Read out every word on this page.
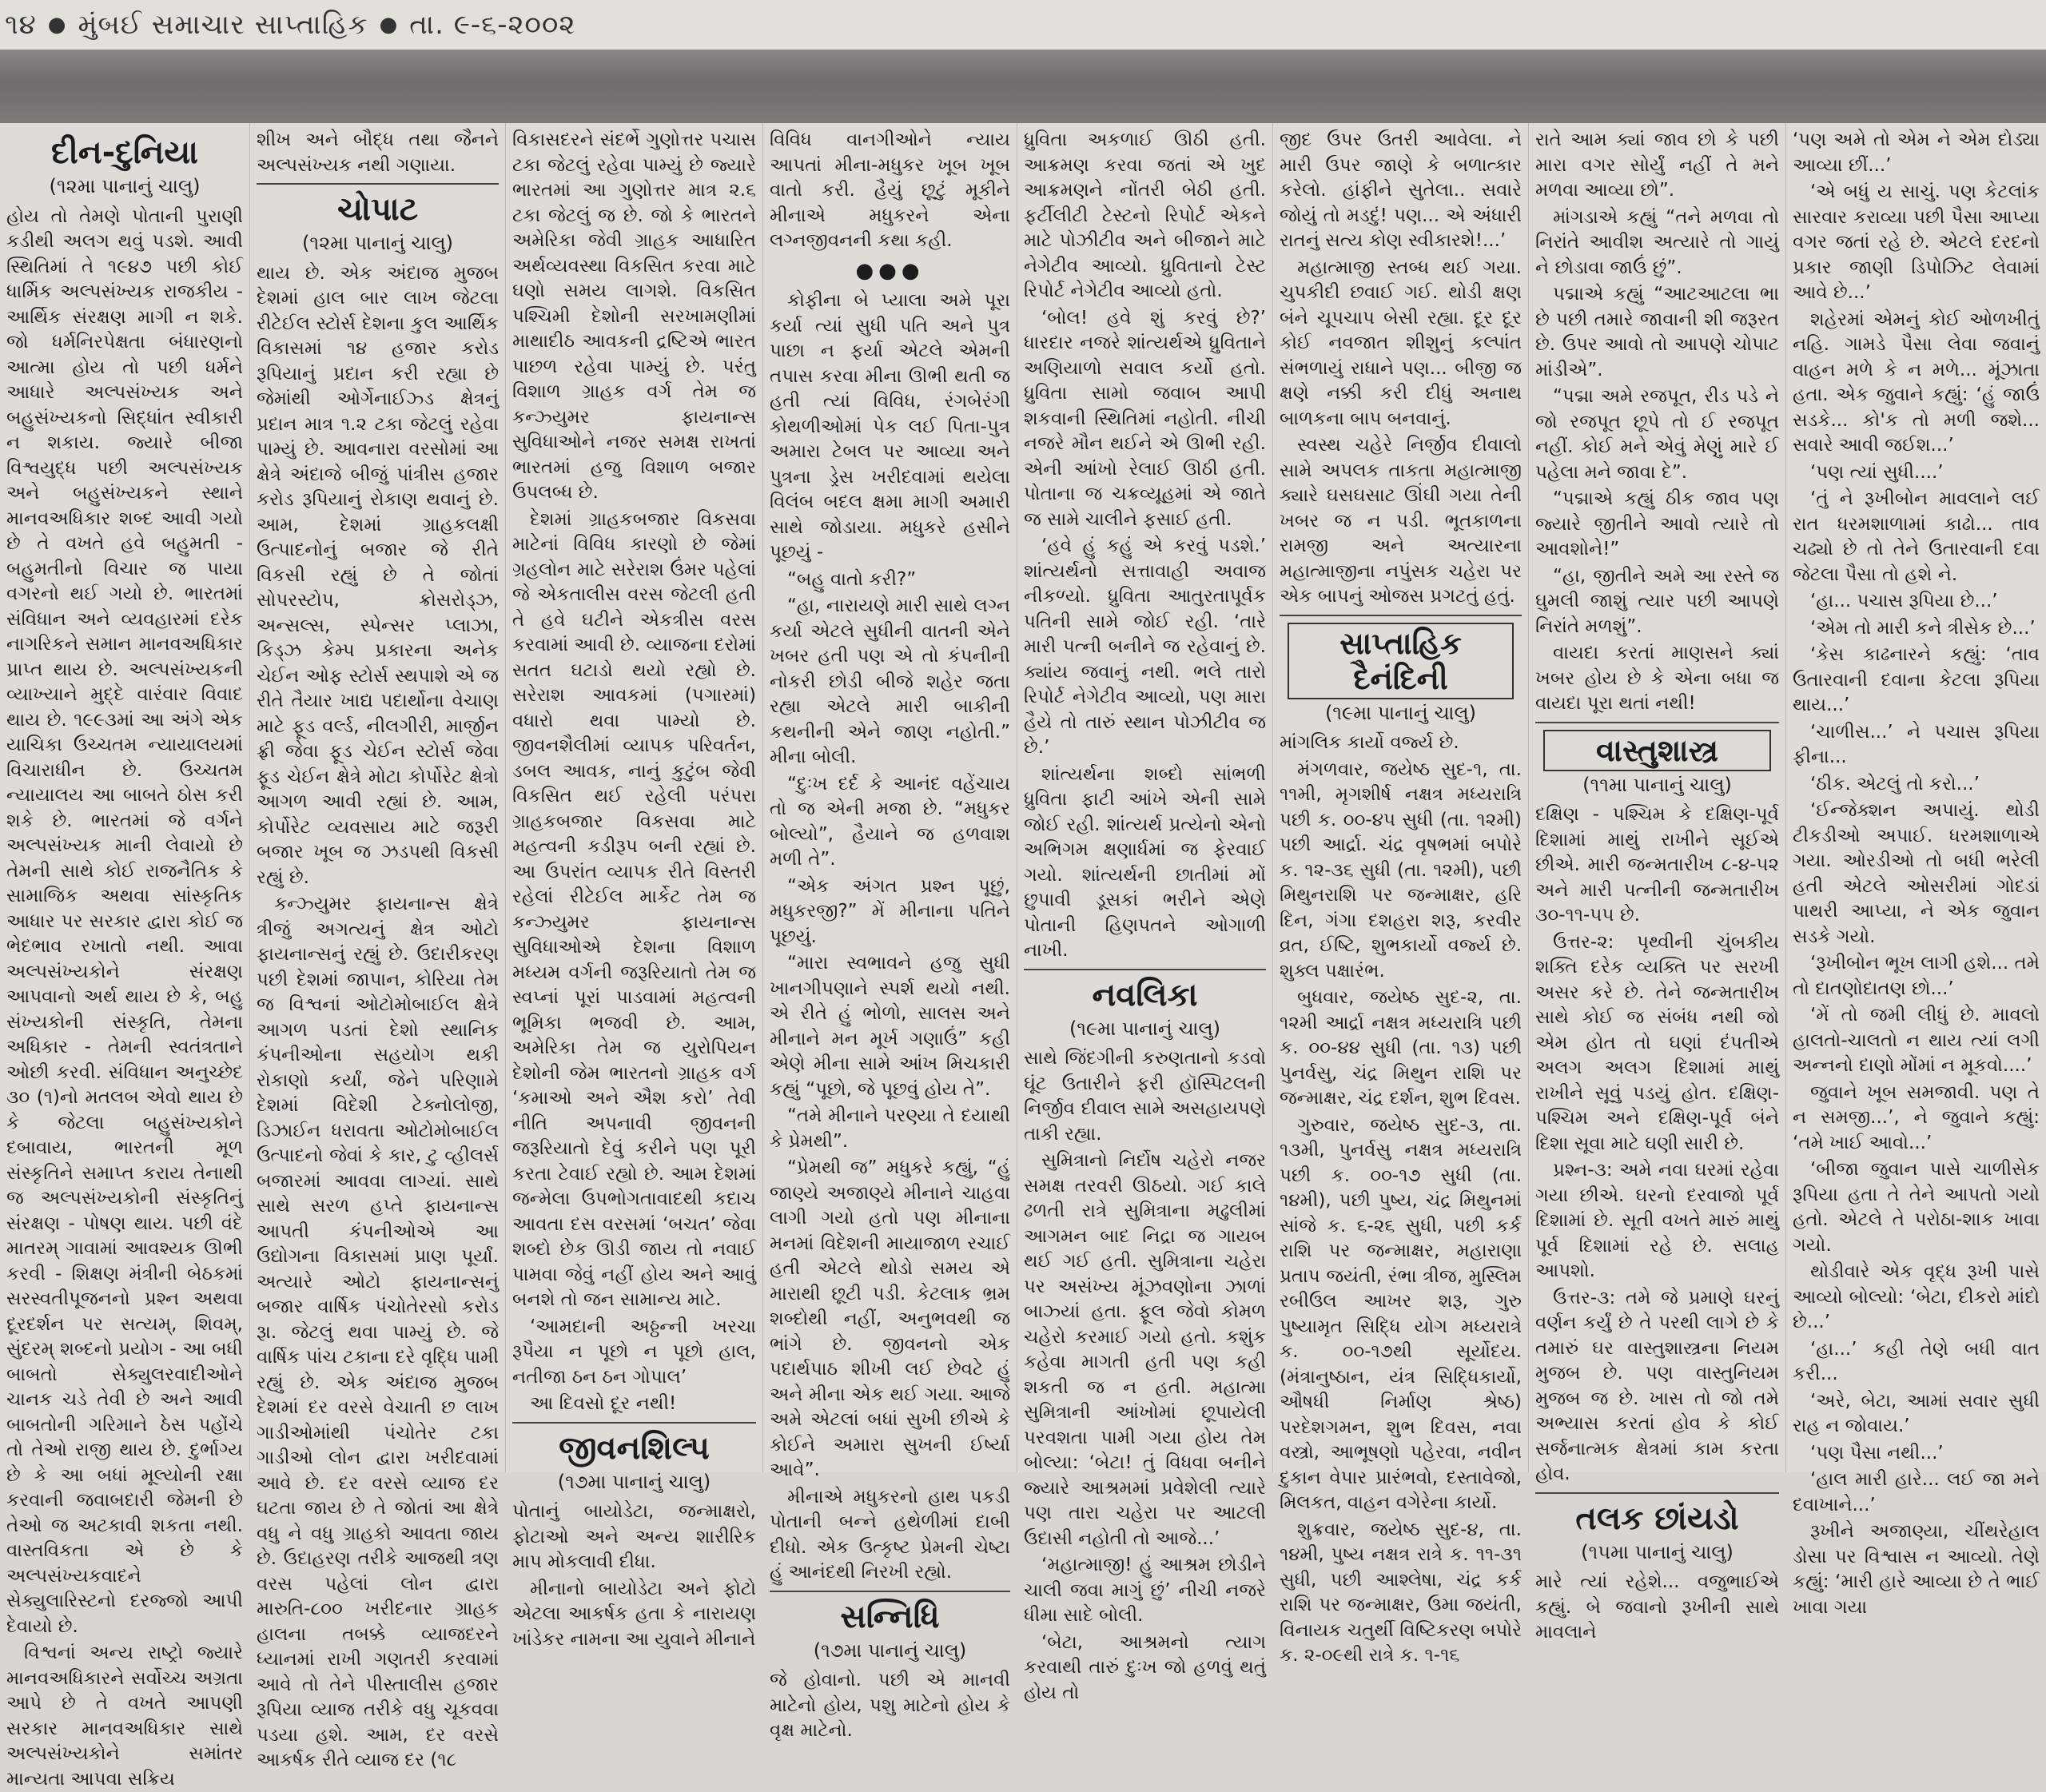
૧૪ ● મુંબઈ સમાચાર સાપ્તાહિક ● તા. ૯-૬-૨૦૦૨
દીન-દુનિયા
(૧૨મા પાનાનું ચાલુ)

હોય તો તેમણે પોતાની પુરાણી કડીથી અલગ થવું પડશે. આવી સ્થિતિમાં તે ૧૯૪૭ પછી કોઈ ધાર્મિક અલ્પસંખ્યક રાજકીય - આર્થિક સંરક્ષણ માગી ન શકે. જો ધર્મનિરપેક્ષતા બંધારણનો આત્મા હોય તો પછી ધર્મને આધારે અલ્પસંખ્યક અને બહુસંખ્યકનો સિદ્ધાંત સ્વીકારી ન શકાય. જ્યારે બીજા વિશ્વયુદ્ધ પછી અલ્પસંખ્યક અને બહુસંખ્યકને સ્થાને માનવઅધિકાર શબ્દ આવી ગયો છે તે વખતે હવે બહુમતી - બહુમતીનો વિચાર જ પાયા વગરનો થઈ ગયો છે. ભારતમાં સંવિધાન અને વ્યવહારમાં દરેક નાગરિકને સમાન માનવઅધિકાર પ્રાપ્ત થાય છે. અલ્પસંખ્યકની વ્યાખ્યાને મુદ્દે વારંવાર વિવાદ થાય છે. ૧૯૯૩માં આ અંગે એક યાચિકા ઉચ્ચતમ ન્યાયાલયમાં વિચારાધીન છે. ઉચ્ચતમ ન્યાયાલય આ બાબતે ઠોસ કરી શકે છે. ભારતમાં જે વર્ગને અલ્પસંખ્યક માની લેવાયો છે તેમની સાથે કોઈ રાજનૈતિક કે સામાજિક અથવા સાંસ્કૃતિક આધાર પર સરકાર દ્વારા કોઈ જ ભેદભાવ રખાતો નથી. આવા અલ્પસંખ્યકોને સંરક્ષણ આપવાનો અર્થ થાય છે કે, બહુ સંખ્યકોની સંસ્કૃતિ, તેમના અધિકાર - તેમની સ્વતંત્રતાને ઓછી કરવી. સંવિધાન અનુચ્છેદ ૩૦ (૧)નો મતલબ એવો થાય છે કે જેટલા બહુસંખ્યકોને દબાવાય, ભારતની મૂળ સંસ્કૃતિને સમાપ્ત કરાય તેનાથી જ અલ્પસંખ્યકોની સંસ્કૃતિનું સંરક્ષણ - પોષણ થાય. પછી વંદે માતરમ્ ગાવામાં આવશ્યક ઊભી કરવી - શિક્ષણ મંત્રીની બેઠકમાં સરસ્વતીપૂજનનો પ્રશ્ન અથવા દૂરદર્શન પર સત્યમ્, શિવમ્, સુંદરમ્ શબ્દનો પ્રયોગ - આ બધી બાબતો સેક્યુલરવાદીઓને ચાનક ચડે તેવી છે અને આવી બાબતોની ગરિમાને ઠેસ પહોંચે તો તેઓ રાજી થાય છે. દુર્ભાગ્ય છે કે આ બધાં મૂલ્યોની રક્ષા કરવાની જવાબદારી જેમની છે તેઓ જ અટકાવી શકતા નથી. વાસ્તવિકતા એ છે કે અલ્પસંખ્યકવાદને સેક્યુલારિસ્ટનો દરજ્જો આપી દેવાયો છે.

વિશ્વનાં અન્ય રાષ્ટ્રો જ્યારે માનવઅધિકારને સર્વોચ્ચ અગ્રતા આપે છે તે વખતે આપણી સરકાર માનવઅધિકાર સાથે અલ્પસંખ્યકોને સમાંતર માન્યતા આપવા સક્રિય

શીખ અને બૌદ્ધ તથા જૈનને અલ્પસંખ્યક નથી ગણાયા.

ચોપાટ
(૧૨મા પાનાનું ચાલુ)

થાય છે. એક અંદાજ મુજબ દેશમાં હાલ બાર લાખ જેટલા રીટેઈલ સ્ટોર્સ દેશના કુલ આર્થિક વિકાસમાં ૧૪ હજાર કરોડ રૂપિયાનું પ્રદાન કરી રહ્યા છે જેમાંથી ઓર્ગેનાઈઝ્ડ ક્ષેત્રનું પ્રદાન માત્ર ૧.૨ ટકા જેટલું રહેવા પામ્યું છે. આવનારા વરસોમાં આ ક્ષેત્રે અંદાજે બીજું પાંત્રીસ હજાર કરોડ રૂપિયાનું રોકાણ થવાનું છે. આમ, દેશમાં ગ્રાહકલક્ષી ઉત્પાદનોનું બજાર જે રીતે વિકસી રહ્યું છે તે જોતાં સોપરસ્ટોપ, ક્રોસરોડ્ઝ, અન્સલ્સ, સ્પેન્સર પ્લાઝા, કિડ્ઝ કેમ્પ પ્રકારના અનેક ચેઈન ઓફ સ્ટોર્સ સ્થપાશે એ જ રીતે તૈયાર ખાદ્ય પદાર્થોના વેચાણ માટે ફૂડ વર્લ્ડ, નીલગીરી, માર્જીન ફ્રી જેવા ફૂડ ચેઈન સ્ટોર્સ જેવા ફૂડ ચેઈન ક્ષેત્રે મોટા કોર્પોરેટ ક્ષેત્રો આગળ આવી રહ્યાં છે. આમ, કોર્પોરેટ વ્યવસાય માટે જરૂરી બજાર ખૂબ જ ઝડપથી વિકસી રહ્યું છે.

કન્ઝ્યુમર ફાયનાન્સ ક્ષેત્રે ત્રીજું અગત્યનું ક્ષેત્ર ઓટો ફાયનાન્સનું રહ્યું છે. ઉદારીકરણ પછી દેશમાં જાપાન, કોરિયા તેમ જ વિશ્વનાં ઓટોમોબાઈલ ક્ષેત્રે આગળ પડતાં દેશો સ્થાનિક કંપનીઓના સહયોગ થકી રોકાણો કર્યાં, જેને પરિણામે દેશમાં વિદેશી ટેક્નોલોજી, ડિઝાઈન ધરાવતા ઓટોમોબાઈલ ઉત્પાદનો જેવાં કે કાર, ટુ વ્હીલર્સ બજારમાં આવવા લાગ્યાં. સાથે સાથે સરળ હપ્તે ફાયનાન્સ આપતી કંપનીઓએ આ ઉદ્યોગના વિકાસમાં પ્રાણ પૂર્યાં. અત્યારે ઓટો ફાયનાન્સનું બજાર વાર્ષિક પંચોતેરસો કરોડ રૂા. જેટલું થવા પામ્યું છે. જે વાર્ષિક પાંચ ટકાના દરે વૃદ્ધિ પામી રહ્યું છે. એક અંદાજ મુજબ દેશમાં દર વરસે વેચાતી છ લાખ ગાડીઓમાંથી પંચોતેર ટકા ગાડીઓ લોન દ્વારા ખરીદવામાં આવે છે. દર વરસે વ્યાજ દર ઘટતા જાય છે તે જોતાં આ ક્ષેત્રે વધુ ને વધુ ગ્રાહકો આવતા જાય છે. ઉદાહરણ તરીકે આજથી ત્રણ વરસ પહેલાં લોન દ્વારા મારુતિ-૮૦૦ ખરીદનાર ગ્રાહક હાલના તબક્કે વ્યાજદરને ધ્યાનમાં રાખી ગણતરી કરવામાં આવે તો તેને પીસ્તાલીસ હજાર રૂપિયા વ્યાજ તરીકે વધુ ચૂકવવા પડયા હશે. આમ, દર વરસે આકર્ષક રીતે વ્યાજ દર (૧૮

વિકાસદરને સંદર્ભે ગુણોત્તર પચાસ ટકા જેટલું રહેવા પામ્યું છે જ્યારે ભારતમાં આ ગુણોત્તર માત્ર ૨.૬ ટકા જેટલું જ છે. જો કે ભારતને અમેરિકા જેવી ગ્રાહક આધારિત અર્થવ્યવસ્થા વિકસિત કરવા માટે ઘણો સમય લાગશે. વિકસિત પશ્ચિમી દેશોની સરખામણીમાં માથાદીઠ આવકની દ્રષ્ટિએ ભારત પાછળ રહેવા પામ્યું છે. પરંતુ વિશાળ ગ્રાહક વર્ગ તેમ જ કન્ઝ્યુમર ફાયનાન્સ સુવિધાઓને નજર સમક્ષ રાખતાં ભારતમાં હજુ વિશાળ બજાર ઉપલબ્ધ છે.

દેશમાં ગ્રાહકબજાર વિકસવા માટેનાં વિવિધ કારણો છે જેમાં ગ્રહલોન માટે સરેરાશ ઉંમર પહેલાં જે એકતાલીસ વરસ જેટલી હતી તે હવે ઘટીને એકત્રીસ વરસ કરવામાં આવી છે. વ્યાજના દરોમાં સતત ઘટાડો થયો રહ્યો છે. સરેરાશ આવકમાં (પગારમાં) વધારો થવા પામ્યો છે. જીવનશૈલીમાં વ્યાપક પરિવર્તન, ડબલ આવક, નાનું કુટુંબ જેવી વિકસિત થઈ રહેલી પરંપરા ગ્રાહકબજાર વિકસવા માટે મહત્વની કડીરૂપ બની રહ્યાં છે. આ ઉપરાંત વ્યાપક રીતે વિસ્તરી રહેલાં રીટેઈલ માર્કેટ તેમ જ કન્ઝ્યુમર ફાયનાન્સ સુવિધાઓએ દેશના વિશાળ મધ્યમ વર્ગની જરૂરિયાતો તેમ જ સ્વપ્નાં પૂરાં પાડવામાં મહત્વની ભૂમિકા ભજવી છે. આમ, અમેરિકા તેમ જ યુરોપિયન દેશોની જેમ ભારતનો ગ્રાહક વર્ગ ‘કમાઓ અને ઐશ કરો’ તેવી નીતિ અપનાવી જીવનની જરૂરિયાતો દેવું કરીને પણ પૂરી કરતા ટેવાઈ રહ્યો છે. આમ દેશમાં જન્મેલા ઉપભોગતાવાદથી કદાચ આવતા દસ વરસમાં ‘બચત’ જેવા શબ્દો છેક ઊડી જાય તો નવાઈ પામવા જેવું નહીં હોય અને આવું બનશે તો જન સામાન્ય માટે.

‘આમદાની અઠ્ઠન્ની ખરચા રૂપૈયા ન પૂછો ન પૂછો હાલ, નતીજા ઠન ઠન ગોપાલ’

આ દિવસો દૂર નથી!

જીવનશિલ્પ
(૧૭મા પાનાનું ચાલુ)

પોતાનું બાયોડેટા, જન્માક્ષરો, ફોટાઓ અને અન્ય શારીરિક માપ મોકલાવી દીધા.

મીનાનો બાયોડેટા અને ફોટો એટલા આકર્ષક હતા કે નારાયણ ખાંડેકર નામના આ યુવાને મીનાને

વિવિધ વાનગીઓને ન્યાય આપતાં મીના-મધુકર ખૂબ ખૂબ વાતો કરી. હૈયું છૂટું મૂકીને મીનાએ મધુકરને એના લગ્નજીવનની કથા કહી.

●●●

કોફીના બે પ્યાલા અમે પૂરા કર્યા ત્યાં સુધી પતિ અને પુત્ર પાછા ન ફર્યા એટલે એમની તપાસ કરવા મીના ઊભી થતી જ હતી ત્યાં વિવિધ, રંગબેરંગી કોથળીઓમાં પેક લઈ પિતા-પુત્ર અમારા ટેબલ પર આવ્યા અને પુત્રના ડ્રેસ ખરીદવામાં થયેલા વિલંબ બદલ ક્ષમા માગી અમારી સાથે જોડાયા. મધુકરે હસીને પૂછયું -

“બહુ વાતો કરી?”

“હા, નારાયણે મારી સાથે લગ્ન કર્યા એટલે સુધીની વાતની એને ખબર હતી પણ એ તો કંપનીની નોકરી છોડી બીજે શહેર જતા રહ્યા એટલે મારી બાકીની કથનીની એને જાણ નહોતી.” મીના બોલી.

“દુઃખ દર્દ કે આનંદ વહેંચાય તો જ એની મજા છે. “મધુકર બોલ્યો”, હૈયાને જ હળવાશ મળી તે”.

“એક અંગત પ્રશ્ન પૂછું, મધુકરજી?” મેં મીનાના પતિને પૂછયું.

“મારા સ્વભાવને હજુ સુધી ખાનગીપણાને સ્પર્શ થયો નથી. એ રીતે હું ભોળો, સાલસ અને મીનાને મન મૂર્ખ ગણાઉં” કહી એણે મીના સામે આંખ મિચકારી કહ્યું “પૂછો, જે પૂછવું હોય તે”.

“તમે મીનાને પરણ્યા તે દયાથી કે પ્રેમથી”.

“પ્રેમથી જ” મધુકરે કહ્યું, “હું જાણ્યે અજાણ્યે મીનાને ચાહવા લાગી ગયો હતો પણ મીનાના મનમાં વિદેશની માયાજાળ રચાઈ હતી એટલે થોડો સમય એ મારાથી છૂટી પડી. કેટલાક ભ્રમ શબ્દોથી નહીં, અનુભવથી જ ભાંગે છે. જીવનનો એક પદાર્થપાઠ શીખી લઈ છેવટે હું અને મીના એક થઈ ગયા. આજે અમે એટલાં બધાં સુખી છીએ કે કોઈને અમારા સુખની ઈર્ષ્યા આવે”.

મીનાએ મધુકરનો હાથ પકડી પોતાની બન્ને હથેળીમાં દાબી દીધો. એક ઉત્કૃષ્ટ પ્રેમની ચેષ્ટા હું આનંદથી નિરખી રહ્યો.

સન્નિધિ
(૧૭મા પાનાનું ચાલુ)

જે હોવાનો. પછી એ માનવી માટેનો હોય, પશુ માટેનો હોય કે વૃક્ષ માટેનો.

ધ્રુવિતા અકળાઈ ઊઠી હતી. આક્રમણ કરવા જતાં એ ખુદ આક્રમણને નોંતરી બેઠી હતી. ફર્ટીલીટી ટેસ્ટનો રિપોર્ટ એકને માટે પોઝીટીવ અને બીજાને માટે નેગેટીવ આવ્યો. ધ્રુવિતાનો ટેસ્ટ રિપોર્ટ નેગેટીવ આવ્યો હતો.

‘બોલ! હવે શું કરવું છે?’ ધારદાર નજરે શાંત્યર્થએ ધ્રુવિતાને અણિયાળો સવાલ કર્યો હતો. ધ્રુવિતા સામો જવાબ આપી શકવાની સ્થિતિમાં નહોતી. નીચી નજરે મૌન થઈને એ ઊભી રહી. એની આંખો રેલાઈ ઊઠી હતી. પોતાના જ ચક્રવ્યૂહમાં એ જાતે જ સામે ચાલીને ફસાઈ હતી.

‘હવે હું કહું એ કરવું પડશે.’ શાંત્યર્થનો સત્તાવાહી અવાજ નીકળ્યો. ધ્રુવિતા આતુરતાપૂર્વક પતિની સામે જોઈ રહી. ‘તારે મારી પત્ની બનીને જ રહેવાનું છે. ક્યાંય જવાનું નથી. ભલે તારો રિપોર્ટ નેગેટીવ આવ્યો, પણ મારા હૈયે તો તારું સ્થાન પોઝીટીવ જ છે.’

શાંત્યર્થના શબ્દો સાંભળી ધ્રુવિતા ફાટી આંખે એની સામે જોઈ રહી. શાંત્યર્થ પ્રત્યેનો એનો અભિગમ ક્ષણાર્ધમાં જ ફેરવાઈ ગયો. શાંત્યર્થની છાતીમાં મોં છુપાવી ડૂસકાં ભરીને એણે પોતાની હિણપતને ઓગાળી નાખી.

નવલિકા
(૧૯મા પાનાનું ચાલુ)

સાથે જિંદગીની કરુણતાનો કડવો ઘૂંટ ઉતારીને ફરી હૉસ્પિટલની નિર્જીવ દીવાલ સામે અસહાયપણે તાકી રહ્યા.

સુમિત્રાનો નિર્દોષ ચહેરો નજર સમક્ષ તરવરી ઊઠયો. ગઈ કાલે ઢળતી રાત્રે સુમિત્રાના મઢુલીમાં આગમન બાદ નિદ્રા જ ગાયબ થઈ ગઈ હતી. સુમિત્રાના ચહેરા પર અસંખ્ય મૂંઝવણોના ઝાળાં બાઝ્યાં હતા. ફૂલ જેવો કોમળ ચહેરો કરમાઈ ગયો હતો. કશુંક કહેવા માગતી હતી પણ કહી શકતી જ ન હતી. મહાત્મા સુમિત્રાની આંખોમાં છૂપાયેલી પરવશતા પામી ગયા હોય તેમ બોલ્યા: ‘બેટા! તું વિધવા બનીને જ્યારે આશ્રમમાં પ્રવેશેલી ત્યારે પણ તારા ચહેરા પર આટલી ઉદાસી નહોતી તો આજે...’

‘મહાત્માજી! હું આશ્રમ છોડીને ચાલી જવા માગું છું’ નીચી નજરે ધીમા સાદે બોલી.

‘બેટા, આશ્રમનો ત્યાગ કરવાથી તારું દુઃખ જો હળવું થતું હોય તો

જીદ ઉપર ઉતરી આવેલા. ને મારી ઉપર જાણે કે બળાત્કાર કરેલો. હાંફીને સુતેલા.. સવારે જોયું તો મડદું! પણ... એ અંધારી રાતનું સત્ય કોણ સ્વીકારશે!...’

મહાત્માજી સ્તબ્ધ થઈ ગયા. ચુપકીદી છવાઈ ગઈ. થોડી ક્ષણ બંને ચૂપચાપ બેસી રહ્યા. દૂર દૂર કોઈ નવજાત શીશુનું કલ્પાંત સંભળાયું રાધાને પણ... બીજી જ ક્ષણે નક્કી કરી દીધું અનાથ બાળકના બાપ બનવાનું.

સ્વસ્થ ચહેરે નિર્જીવ દીવાલો સામે અપલક તાકતા મહાત્માજી ક્યારે ઘસઘસાટ ઊંઘી ગયા તેની ખબર જ ન પડી. ભૂતકાળના રામજી અને અત્યારના મહાત્માજીના નપુંસક ચહેરા પર એક બાપનું ઓજસ પ્રગટતું હતું.

સાપ્તાહિક દૈનંદિની
(૧૯મા પાનાનું ચાલુ)

માંગલિક કાર્યો વર્જ્ય છે.

મંગળવાર, જયેષ્ઠ સુદ-૧, તા. ૧૧મી, મૃગશીર્ષ નક્ષત્ર મધ્યરાત્રિ પછી ક. ૦૦-૪૫ સુધી (તા. ૧૨મી) પછી આર્દ્રા. ચંદ્ર વૃષભમાં બપોરે ક. ૧૨-૩૬ સુધી (તા. ૧૨મી), પછી મિથુનરાશિ પર જન્માક્ષર, હરિ દિન, ગંગા દશહરા શરૂ, કરવીર વ્રત, ઈષ્ટિ, શુભકાર્યો વર્જ્ય છે. શુક્લ પક્ષારંભ.

બુધવાર, જયેષ્ઠ સુદ-૨, તા. ૧૨મી આર્દ્રા નક્ષત્ર મધ્યરાત્રિ પછી ક. ૦૦-૪૪ સુધી (તા. ૧૩) પછી પુનર્વસુ, ચંદ્ર મિથુન રાશિ પર જન્માક્ષર, ચંદ્ર દર્શન, શુભ દિવસ.

ગુરુવાર, જયેષ્ઠ સુદ-૩, તા. ૧૩મી, પુનર્વસુ નક્ષત્ર મધ્યરાત્રિ પછી ક. ૦૦-૧૭ સુધી (તા. ૧૪મી), પછી પુષ્ય, ચંદ્ર મિથુનમાં સાંજે ક. ૬-૨૬ સુધી, પછી કર્ક રાશિ પર જન્માક્ષર, મહારાણા પ્રતાપ જયંતી, રંભા ત્રીજ, મુસ્લિમ રબીઉલ આખર શરૂ, ગુરુ પુષ્યામૃત સિદ્ધિ યોગ મધ્યરાત્રે ક. ૦૦-૧૭થી સૂર્યોદય. (મંત્રાનુષ્ઠાન, યંત્ર સિદ્ધિકાર્યો, ઔષધી નિર્માણ શ્રેષ્ઠ) પરદેશગમન, શુભ દિવસ, નવા વસ્ત્રો, આભૂષણો પહેરવા, નવીન દુકાન વેપાર પ્રારંભવો, દસ્તાવેજો, મિલકત, વાહન વગેરેના કાર્યો.

શુક્રવાર, જયેષ્ઠ સુદ-૪, તા. ૧૪મી, પુષ્ય નક્ષત્ર રાત્રે ક. ૧૧-૩૧ સુધી, પછી આશ્લેષા, ચંદ્ર કર્ક રાશિ પર જન્માક્ષર, ઉમા જયંતી, વિનાયક ચતુર્થી વિષ્ટિકરણ બપોરે ક. ૨-૦૯થી રાત્રે ક. ૧-૧૬

રાતે આમ ક્યાં જાવ છો કે પછી મારા વગર સોર્યું નહીં તે મને મળવા આવ્યા છો”.

માંગડાએ કહ્યું “તને મળવા તો નિરાંતે આવીશ અત્યારે તો ગાયું ને છોડાવા જાઉં છું”.

પદ્માએ કહ્યું “આટઆટલા ભા છે પછી તમારે જાવાની શી જરૂરત છે. ઉપર આવો તો આપણે ચોપાટ માંડીએ”.

“પદ્મા અમે રજપૂત, રીડ પડે ને જો રજપૂત છૂપે તો ઈ રજપૂત નહીં. કોઈ મને એવું મેણું મારે ઈ પહેલા મને જાવા દે”.

“પદ્માએ કહ્યું ઠીક જાવ પણ જ્યારે જીતીને આવો ત્યારે તો આવશોને!”

“હા, જીતીને અમે આ રસ્તે જ ઘુમલી જાશું ત્યાર પછી આપણે નિરાંતે મળશું”.

વાયદા કરતાં માણસને ક્યાં ખબર હોય છે કે એના બધા જ વાયદા પૂરા થતાં નથી!

વાસ્તુશાસ્ત્ર
(૧૧મા પાનાનું ચાલુ)

દક્ષિણ - પશ્ચિમ કે દક્ષિણ-પૂર્વ દિશામાં માથું રાખીને સૂઈએ છીએ. મારી જન્મતારીખ ૮-૪-૫૨ અને મારી પત્નીની જન્મતારીખ ૩૦-૧૧-૫૫ છે.

ઉત્તર-૨: પૃથ્વીની ચુંબકીય શક્તિ દરેક વ્યક્તિ પર સરખી અસર કરે છે. તેને જન્મતારીખ સાથે કોઈ જ સંબંધ નથી જો એમ હોત તો ઘણાં દંપતીએ અલગ અલગ દિશામાં માથું રાખીને સૂવું પડયું હોત. દક્ષિણ-પશ્ચિમ અને દક્ષિણ-પૂર્વ બંને દિશા સૂવા માટે ઘણી સારી છે.

પ્રશ્ન-૩: અમે નવા ઘરમાં રહેવા ગયા છીએ. ઘરનો દરવાજો પૂર્વ દિશામાં છે. સૂતી વખતે મારું માથું પૂર્વ દિશામાં રહે છે. સલાહ આપશો.

ઉત્તર-૩: તમે જે પ્રમાણે ઘરનું વર્ણન કર્યું છે તે પરથી લાગે છે કે તમારું ઘર વાસ્તુશાસ્ત્રના નિયમ મુજબ છે. પણ વાસ્તુનિયમ મુજબ જ છે. ખાસ તો જો તમે અભ્યાસ કરતાં હોવ કે કોઈ સર્જનાત્મક ક્ષેત્રમાં કામ કરતા હોવ.

તલક છાંયડો
(૧૫મા પાનાનું ચાલુ)

મારે ત્યાં રહેશે... વજુભાઈએ કહ્યું. બે જવાનો રૂખીની સાથે માવલાને

‘પણ અમે તો એમ ને એમ દોડ્યા આવ્યા છીં...’

‘એ બધું ય સાચું. પણ કેટલાંક સારવાર કરાવ્યા પછી પૈસા આપ્યા વગર જતાં રહે છે. એટલે દરદનો પ્રકાર જાણી ડિપોઝિટ લેવામાં આવે છે...’

શહેરમાં એમનું કોઈ ઓળખીતું નહિ. ગામડે પૈસા લેવા જવાનું વાહન મળે કે ન મળે... મૂંઝાતા હતા. એક જુવાને કહ્યું: ‘હું જાઉં સડકે... કો'ક તો મળી જશે... સવારે આવી જઈશ...’

‘પણ ત્યાં સુધી....’

‘તું ને રૂખીબોન માવલાને લઈ રાત ધરમશાળામાં કાઢો... તાવ ચઢ્યો છે તો તેને ઉતારવાની દવા જેટલા પૈસા તો હશે ને.

‘હા... પચાસ રૂપિયા છે...’

‘એમ તો મારી કને ત્રીસેક છે...’

‘કેસ કાઢનારને કહ્યું: ‘તાવ ઉતારવાની દવાના કેટલા રૂપિયા થાય...’

‘ચાળીસ...’ ને પચાસ રૂપિયા ફીના...

‘ઠીક. એટલું તો કરો...’

‘ઈન્જેક્શન અપાયું. થોડી ટીકડીઓ અપાઈ. ધરમશાળાએ ગયા. ઓરડીઓ તો બધી ભરેલી હતી એટલે ઓસરીમાં ગોદડાં પાથરી આપ્યા, ને એક જુવાન સડકે ગયો.

‘રૂખીબોન ભૂખ લાગી હશે... તમે તો દાતણોદાતણ છો...’

‘મેં તો જમી લીધું છે. માવલો હાલતો-ચાલતો ન થાય ત્યાં લગી અન્નનો દાણો મોંમાં ન મૂકવો....’

જુવાને ખૂબ સમજાવી. પણ તે ન સમજી...’, ને જુવાને કહ્યું: ‘તમે ખાઈ આવો...’

‘બીજા જુવાન પાસે ચાળીસેક રૂપિયા હતા તે તેને આપતો ગયો હતો. એટલે તે પરોઠા-શાક ખાવા ગયો.

થોડીવારે એક વૃદ્ધ રૂખી પાસે આવ્યો બોલ્યો: ‘બેટા, દીકરો માંદો છે...’

‘હા...’ કહી તેણે બધી વાત કરી...

‘અરે, બેટા, આમાં સવાર સુધી રાહ ન જોવાય.’

‘પણ પૈસા નથી...’

‘હાલ મારી હારે... લઈ જા મને દવાખાને...’

રૂખીને અજાણ્યા, ચીંથરેહાલ ડોસા પર વિશ્વાસ ન આવ્યો. તેણે કહ્યું: ‘મારી હારે આવ્યા છે તે ભાઈ ખાવા ગયા
